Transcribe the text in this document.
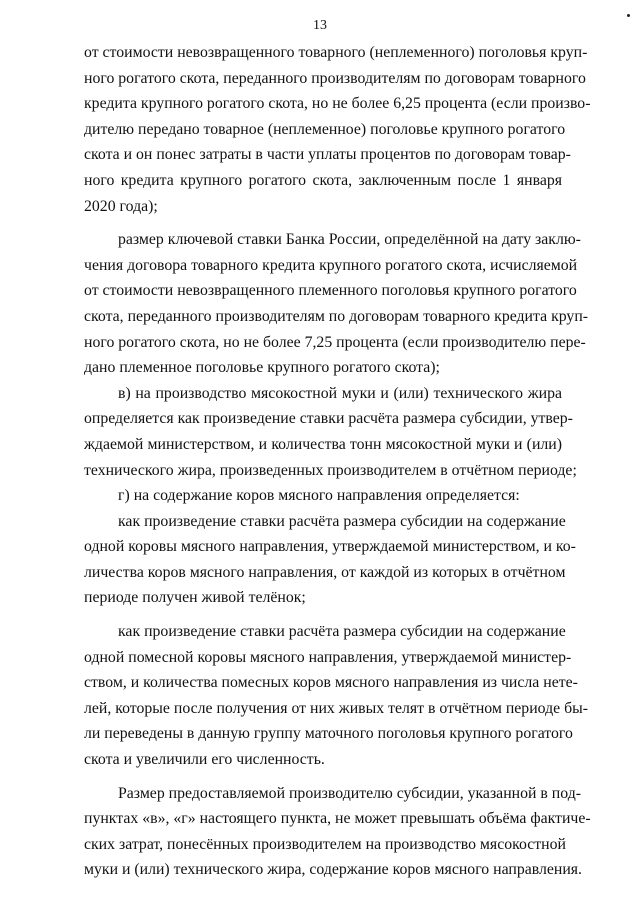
13
от стоимости невозвращенного товарного (неплеменного) поголовья круп-
ного рогатого скота, переданного производителям по договорам товарного
кредита крупного рогатого скота, но не более 6,25 процента (если произво-
дителю передано товарное (неплеменное) поголовье крупного рогатого
скота и он понес затраты в части уплаты процентов по договорам товар-
ного кредита крупного рогатого скота, заключенным после 1 января
2020 года);
размер ключевой ставки Банка России, определённой на дату заклю-
чения договора товарного кредита крупного рогатого скота, исчисляемой
от стоимости невозвращенного племенного поголовья крупного рогатого
скота, переданного производителям по договорам товарного кредита круп-
ного рогатого скота, но не более 7,25 процента (если производителю пере-
дано племенное поголовье крупного рогатого скота);
в) на производство мясокостной муки и (или) технического жира
определяется как произведение ставки расчёта размера субсидии, утвер-
ждаемой министерством, и количества тонн мясокостной муки и (или)
технического жира, произведенных производителем в отчётном периоде;
г) на содержание коров мясного направления определяется:
как произведение ставки расчёта размера субсидии на содержание
одной коровы мясного направления, утверждаемой министерством, и ко-
личества коров мясного направления, от каждой из которых в отчётном
периоде получен живой телёнок;
как произведение ставки расчёта размера субсидии на содержание
одной помесной коровы мясного направления, утверждаемой министер-
ством, и количества помесных коров мясного направления из числа нете-
лей, которые после получения от них живых телят в отчётном периоде бы-
ли переведены в данную группу маточного поголовья крупного рогатого
скота и увеличили его численность.
Размер предоставляемой производителю субсидии, указанной в под-
пунктах «в», «г» настоящего пункта, не может превышать объёма фактиче-
ских затрат, понесённых производителем на производство мясокостной
муки и (или) технического жира, содержание коров мясного направления.
